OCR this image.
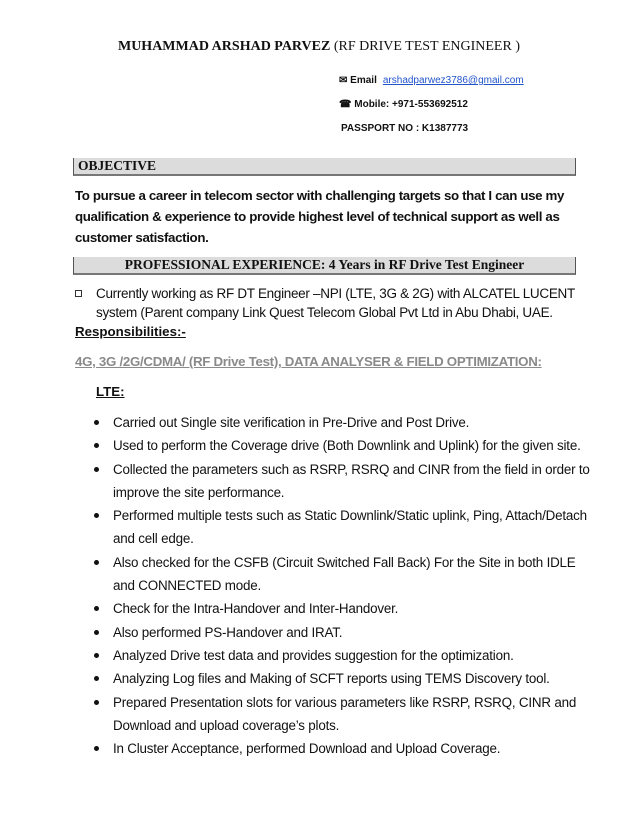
MUHAMMAD ARSHAD PARVEZ (RF DRIVE TEST ENGINEER )
✉ Email arshadparwez3786@gmail.com
☎ Mobile: +971-553692512
PASSPORT NO : K1387773
OBJECTIVE
To pursue a career in telecom sector with challenging targets so that I can use my qualification & experience to provide highest level of technical support as well as customer satisfaction.
PROFESSIONAL EXPERIENCE: 4 Years in RF Drive Test Engineer
Currently working as RF DT Engineer –NPI (LTE, 3G & 2G) with ALCATEL LUCENT system (Parent company Link Quest Telecom Global Pvt Ltd in Abu Dhabi, UAE.
Responsibilities:-
4G, 3G /2G/CDMA/ (RF Drive Test), DATA ANALYSER & FIELD OPTIMIZATION:
LTE:
Carried out Single site verification in Pre-Drive and Post Drive.
Used to perform the Coverage drive (Both Downlink and Uplink) for the given site.
Collected the parameters such as RSRP, RSRQ and CINR from the field in order to improve the site performance.
Performed multiple tests such as Static Downlink/Static uplink, Ping, Attach/Detach and cell edge.
Also checked for the CSFB (Circuit Switched Fall Back) For the Site in both IDLE and CONNECTED mode.
Check for the Intra-Handover and Inter-Handover.
Also performed PS-Handover and IRAT.
Analyzed Drive test data and provides suggestion for the optimization.
Analyzing Log files and Making of SCFT reports using TEMS Discovery tool.
Prepared Presentation slots for various parameters like RSRP, RSRQ, CINR and Download and upload coverage’s plots.
In Cluster Acceptance, performed Download and Upload Coverage.
